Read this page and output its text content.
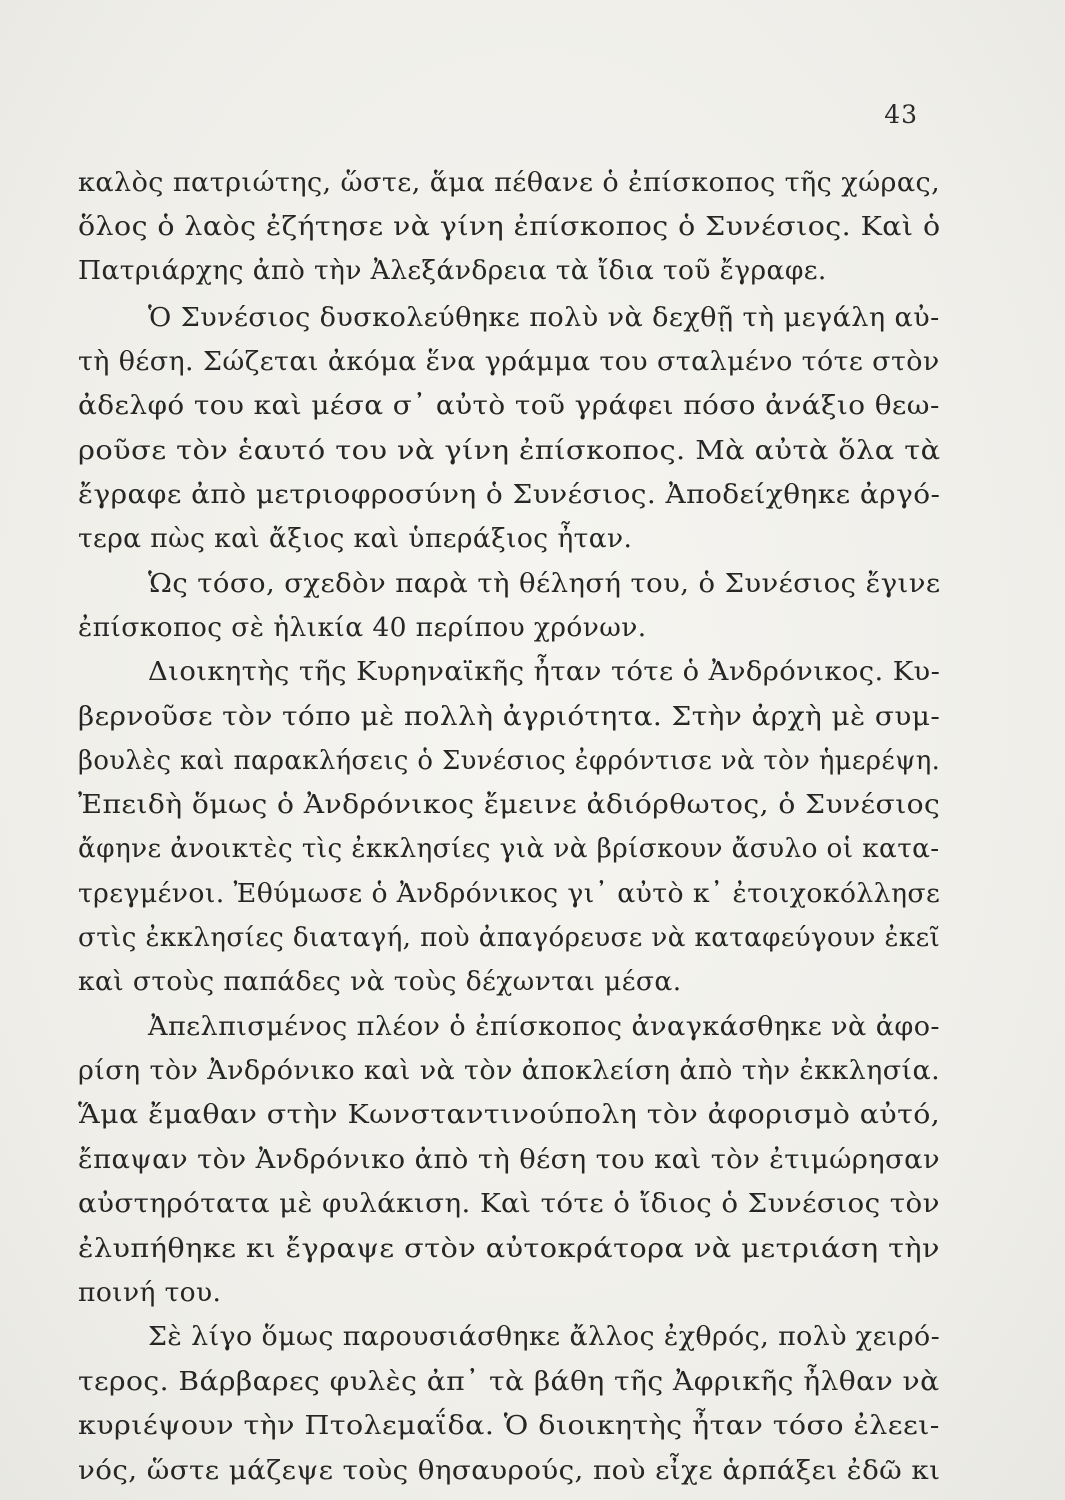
43
καλὸς πατριώτης, ὥστε, ἅμα πέθανε ὁ ἐπίσκοπος τῆς χώρας,
ὅλος ὁ λαὸς ἐζήτησε νὰ γίνη ἐπίσκοπος ὁ Συνέσιος. Καὶ ὁ
Πατριάρχης ἀπὸ τὴν Ἀλεξάνδρεια τὰ ἴδια τοῦ ἔγραφε.
Ὁ Συνέσιος δυσκολεύθηκε πολὺ νὰ δεχθῇ τὴ μεγάλη αὐ-
τὴ θέση. Σώζεται ἀκόμα ἕνα γράμμα του σταλμένο τότε στὸν
ἀδελφό του καὶ μέσα σ᾽ αὐτὸ τοῦ γράφει πόσο ἀνάξιο θεω-
ροῦσε τὸν ἑαυτό του νὰ γίνη ἐπίσκοπος. Μὰ αὐτὰ ὅλα τὰ
ἔγραφε ἀπὸ μετριοφροσύνη ὁ Συνέσιος. Ἀποδείχθηκε ἀργό-
τερα πὼς καὶ ἄξιος καὶ ὑπεράξιος ἦταν.
Ὡς τόσο, σχεδὸν παρὰ τὴ θέλησή του, ὁ Συνέσιος ἔγινε
ἐπίσκοπος σὲ ἡλικία 40 περίπου χρόνων.
Διοικητὴς τῆς Κυρηναϊκῆς ἦταν τότε ὁ Ἀνδρόνικος. Κυ-
βερνοῦσε τὸν τόπο μὲ πολλὴ ἀγριότητα. Στὴν ἀρχὴ μὲ συμ-
βουλὲς καὶ παρακλήσεις ὁ Συνέσιος ἐφρόντισε νὰ τὸν ἡμερέψη.
Ἐπειδὴ ὅμως ὁ Ἀνδρόνικος ἔμεινε ἀδιόρθωτος, ὁ Συνέσιος
ἄφηνε ἀνοικτὲς τὶς ἐκκλησίες γιὰ νὰ βρίσκουν ἄσυλο οἱ κατα-
τρεγμένοι. Ἐθύμωσε ὁ Ἀνδρόνικος γι᾽ αὐτὸ κ᾽ ἐτοιχοκόλλησε
στὶς ἐκκλησίες διαταγή, ποὺ ἀπαγόρευσε νὰ καταφεύγουν ἐκεῖ
καὶ στοὺς παπάδες νὰ τοὺς δέχωνται μέσα.
Ἀπελπισμένος πλέον ὁ ἐπίσκοπος ἀναγκάσθηκε νὰ ἀφο-
ρίση τὸν Ἀνδρόνικο καὶ νὰ τὸν ἀποκλείση ἀπὸ τὴν ἐκκλησία.
Ἅμα ἔμαθαν στὴν Κωνσταντινούπολη τὸν ἀφορισμὸ αὐτό,
ἔπαψαν τὸν Ἀνδρόνικο ἀπὸ τὴ θέση του καὶ τὸν ἐτιμώρησαν
αὐστηρότατα μὲ φυλάκιση. Καὶ τότε ὁ ἴδιος ὁ Συνέσιος τὸν
ἐλυπήθηκε κι ἔγραψε στὸν αὐτοκράτορα νὰ μετριάση τὴν
ποινή του.
Σὲ λίγο ὅμως παρουσιάσθηκε ἄλλος ἐχθρός, πολὺ χειρό-
τερος. Βάρβαρες φυλὲς ἀπ᾽ τὰ βάθη τῆς Ἀφρικῆς ἦλθαν νὰ
κυριέψουν τὴν Πτολεμαΐδα. Ὁ διοικητὴς ἦταν τόσο ἐλεει-
νός, ὥστε μάζεψε τοὺς θησαυρούς, ποὺ εἶχε ἁρπάξει ἐδῶ κι
